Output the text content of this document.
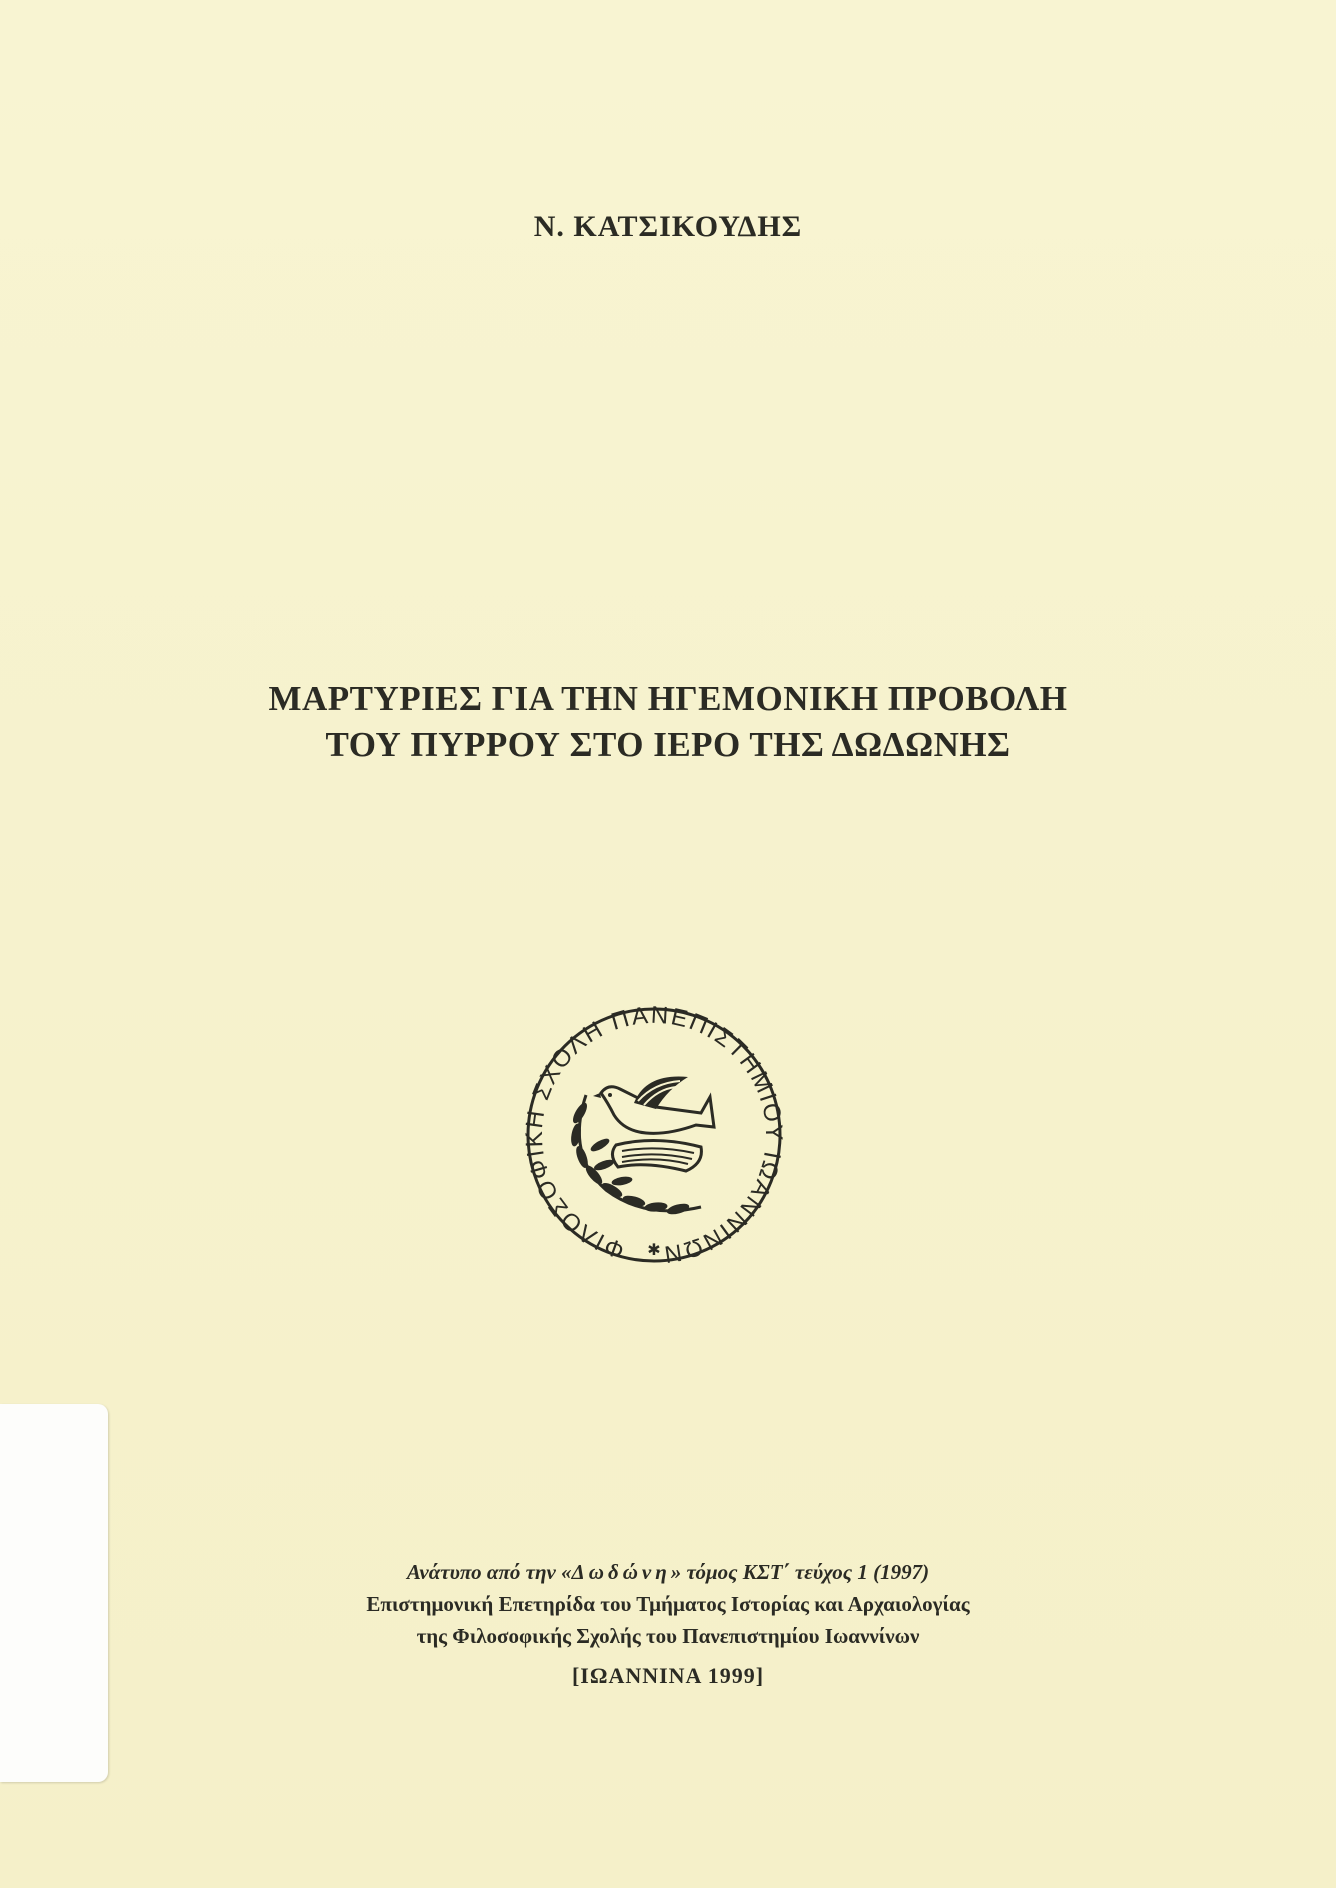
Ν. ΚΑΤΣΙΚΟΥΔΗΣ
ΜΑΡΤΥΡΙΕΣ ΓΙΑ ΤΗΝ ΗΓΕΜΟΝΙΚΗ ΠΡΟΒΟΛΗ
ΤΟΥ ΠΥΡΡΟΥ ΣΤΟ ΙΕΡΟ ΤΗΣ ΔΩΔΩΝΗΣ
ΦΙΛΟΣΟΦΙΚΗ ΣΧΟΛΗ ΠΑΝΕΠΙΣΤΗΜΙΟΥ ΙΩΑΝΝΙΝΩΝ
✱
Ανάτυπο από την «Δωδώνη» τόμος ΚΣΤ΄ τεύχος 1 (1997)
Επιστημονική Επετηρίδα του Τμήματος Ιστορίας και Αρχαιολογίας
της Φιλοσοφικής Σχολής του Πανεπιστημίου Ιωαννίνων
[ΙΩΑΝΝΙΝΑ 1999]
